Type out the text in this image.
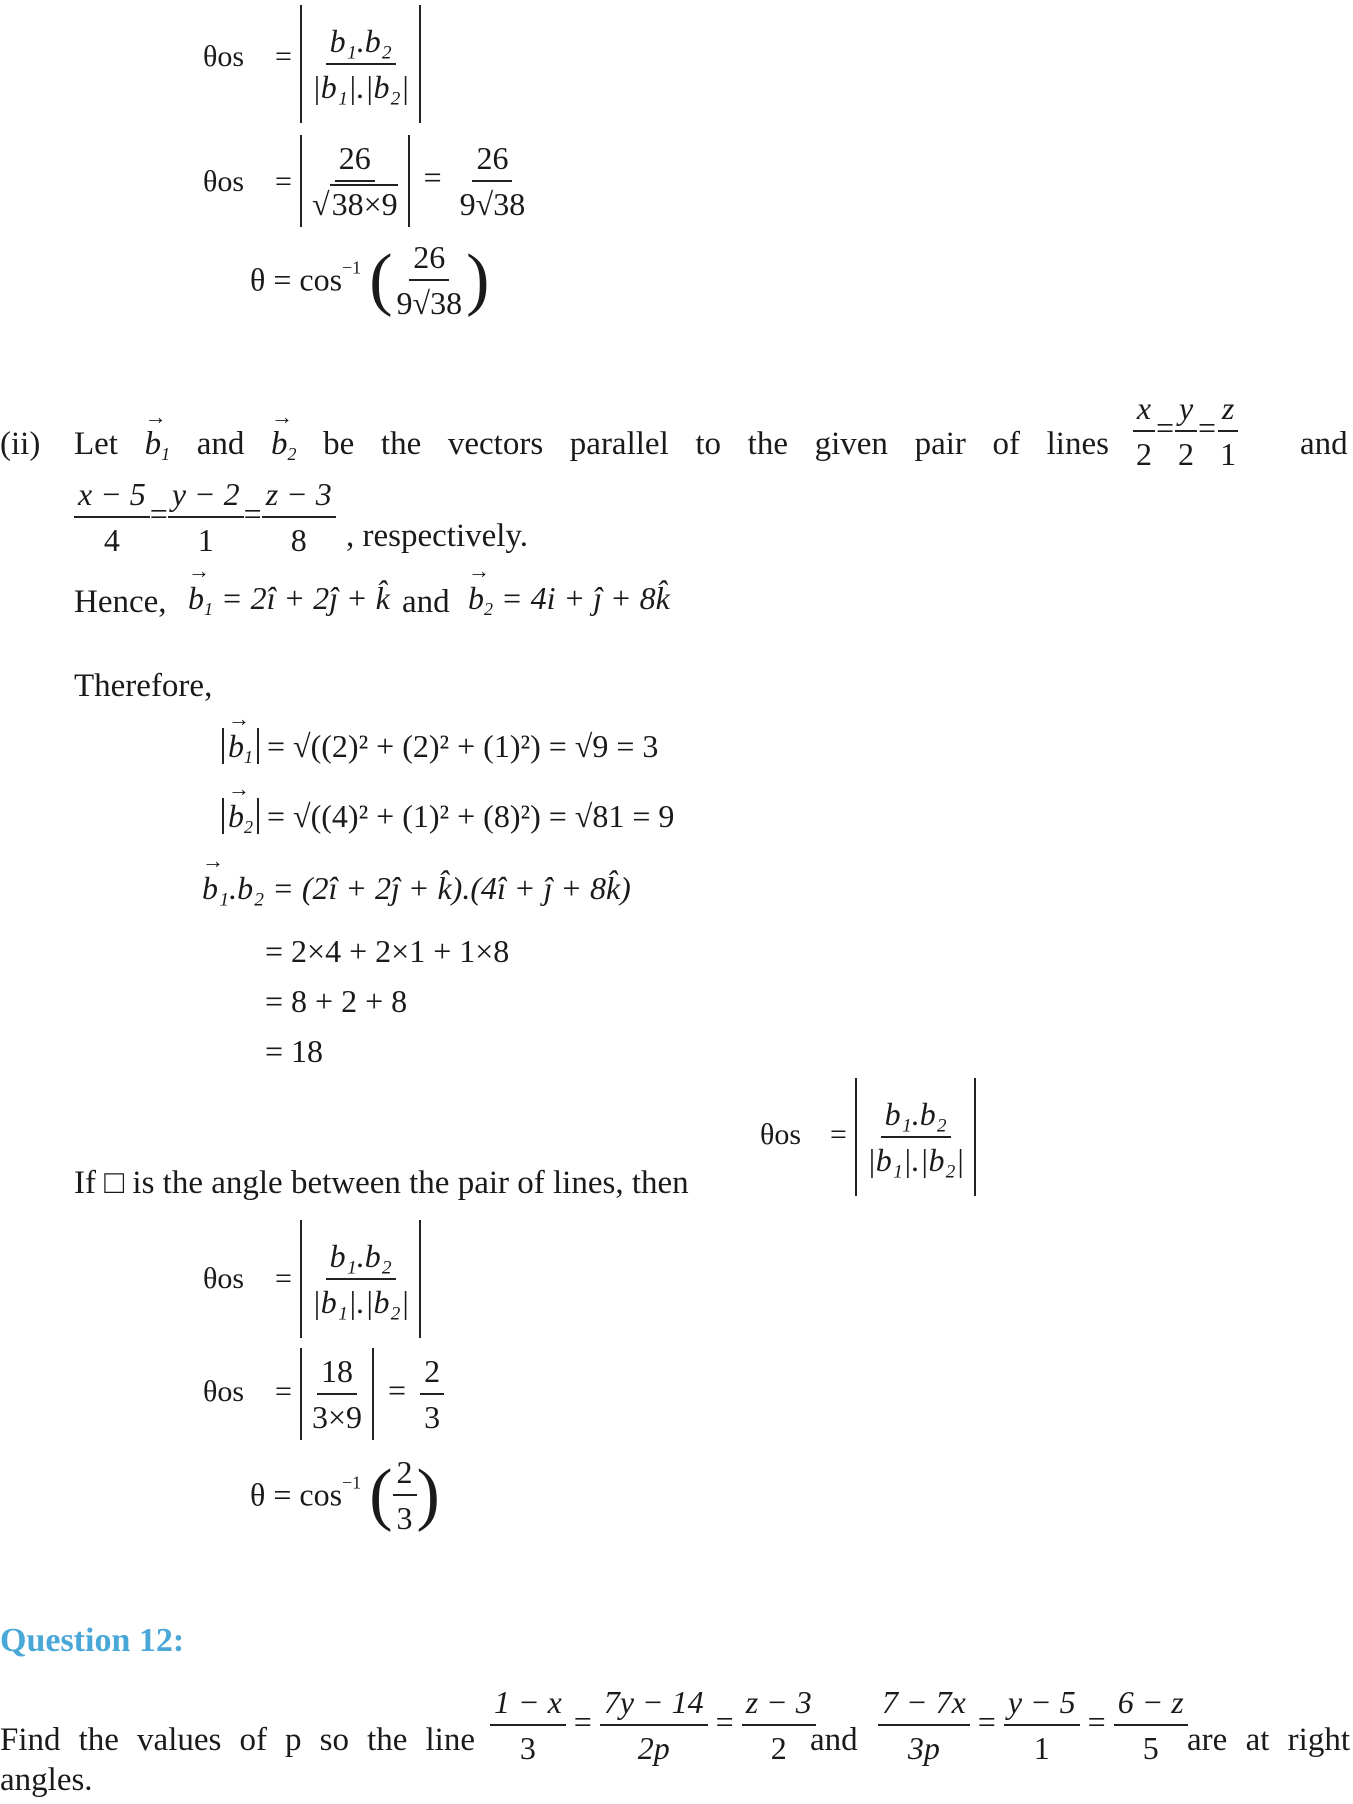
θos = b₁.b₂
|b₁|.|b₂|
θos =
26
√38×9
= $\frac{26}{9√38}$
$\theta = \cos^{-1}$ ( 26
9√38 )
(ii) Let → $b_1$ and → $b_2$ be the vectors parallel to the given pair of lines $\frac{x}{2} = \frac{y}{2} = \frac{z}{1}$ and
$\frac{x - 5}{4} = \frac{y - 2}{1} = \frac{z - 3}{8}$ , respectively.
Hence, → $b_1$ = 2î + 2ĵ + k̂ and → $b_2 = 4i$ + ĵ + 8k̂
Therefore,
→ $b_1 = √((2)^2 + (2)^2 + (1)^2) = √9 = 3$
→ $b_2 = √((4)^2 + (1)^2 + (8)^2) = √81 = 9$
→ b₁.b₂ = (2î + 2ĵ + k̂).(4î + ĵ + 8k̂)
= 2×4 + 2×1 + 1×8
= 8 + 2 + 8
= 18
If □ is the angle between the pair of lines, then
θos =
b₁.b₂
|b₁|.|b₂|
θos =
b₁.b₂
|b₁|.|b₂|
θos =
18
3×9
= $\frac{2}{3}$
$\theta = \cos^{-1}$ ( 2
3 )
Question 12:
Find the values of p so the line $\frac{1 - x}{3} = \frac{7y - 14}{2p} = \frac{z - 3}{2}$
and $\frac{7 - 7x}{3p} = \frac{y - 5}{1} = \frac{6 - z}{5}$ are at right
angles.
